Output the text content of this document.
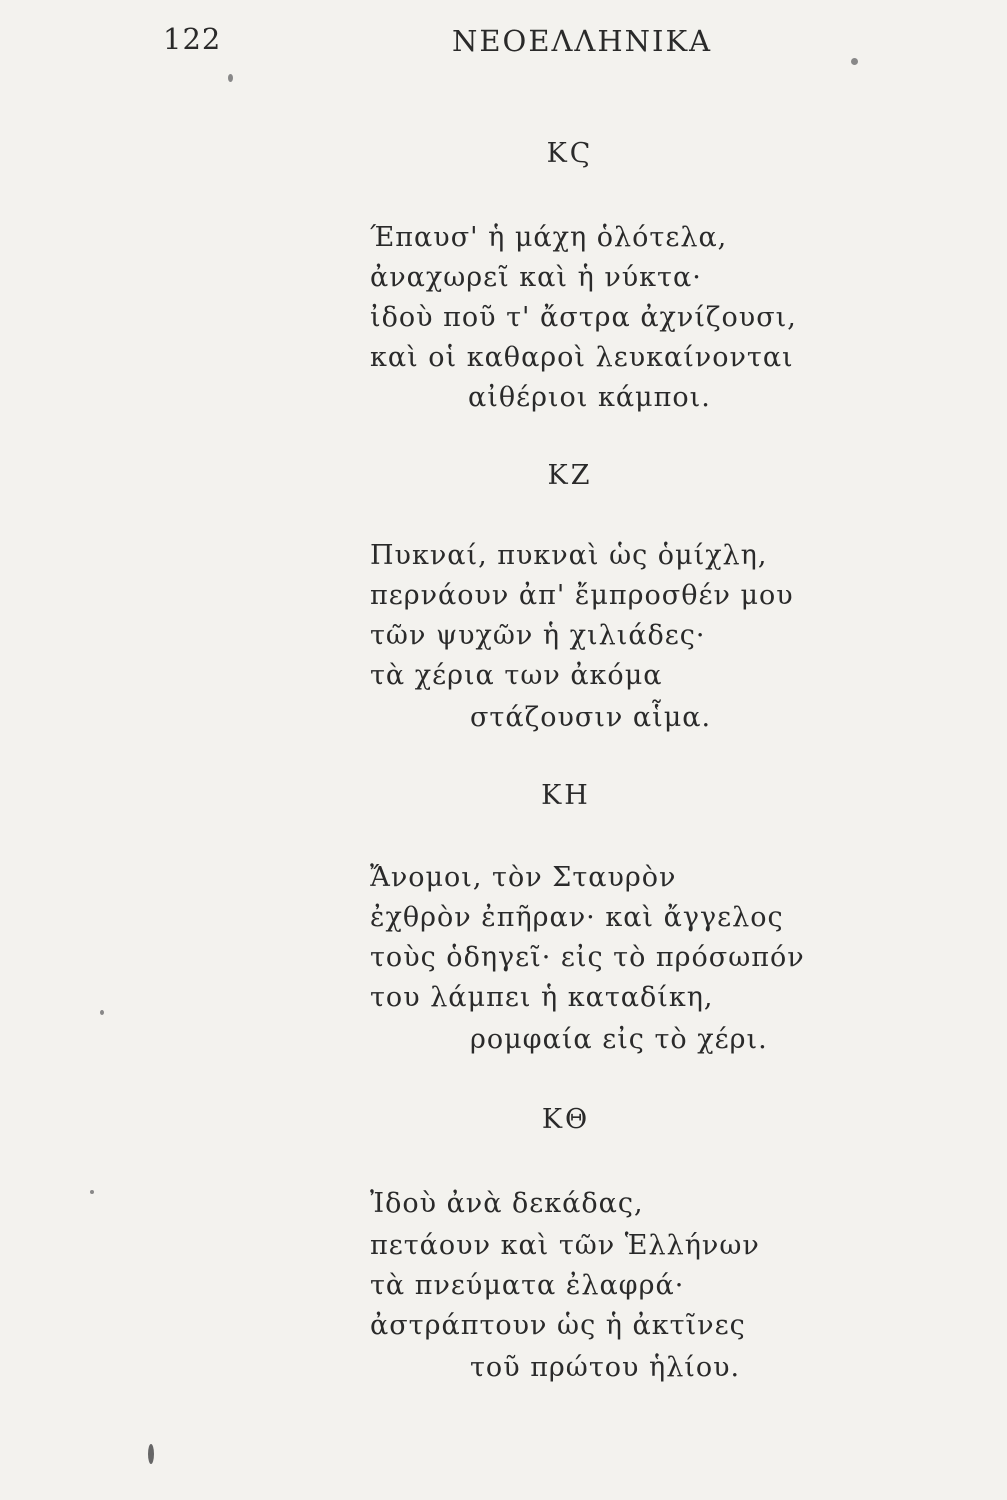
122	ΝΕΟΕΛΛΗΝΙΚΑ
ΚϚ
Έπαυσ' ἡ μάχη ὁλότελα,
ἀναχωρεῖ καὶ ἡ νύκτα·
ἰδοὺ ποῦ τ' ἄστρα ἀχνίζουσι,
καὶ οἱ καθαροὶ λευκαίνονται
αἰθέριοι κάμποι.
ΚΖ
Πυκναί, πυκναὶ ὡς ὁμίχλη,
περνάουν ἀπ' ἔμπροσθέν μου
τῶν ψυχῶν ἡ χιλιάδες·
τὰ χέρια των ἀκόμα
στάζουσιν αἷμα.
ΚΗ
Ἄνομοι, τὸν Σταυρὸν
ἐχθρὸν ἐπῆραν· καὶ ἄγγελος
τοὺς ὁδηγεῖ· εἰς τὸ πρόσωπόν
του λάμπει ἡ καταδίκη,
ρομφαία εἰς τὸ χέρι.
ΚΘ
Ἰδοὺ ἀνὰ δεκάδας,
πετάουν καὶ τῶν Ἑλλήνων
τὰ πνεύματα ἐλαφρά·
ἀστράπτουν ὡς ἡ ἀκτῖνες
τοῦ πρώτου ἡλίου.
